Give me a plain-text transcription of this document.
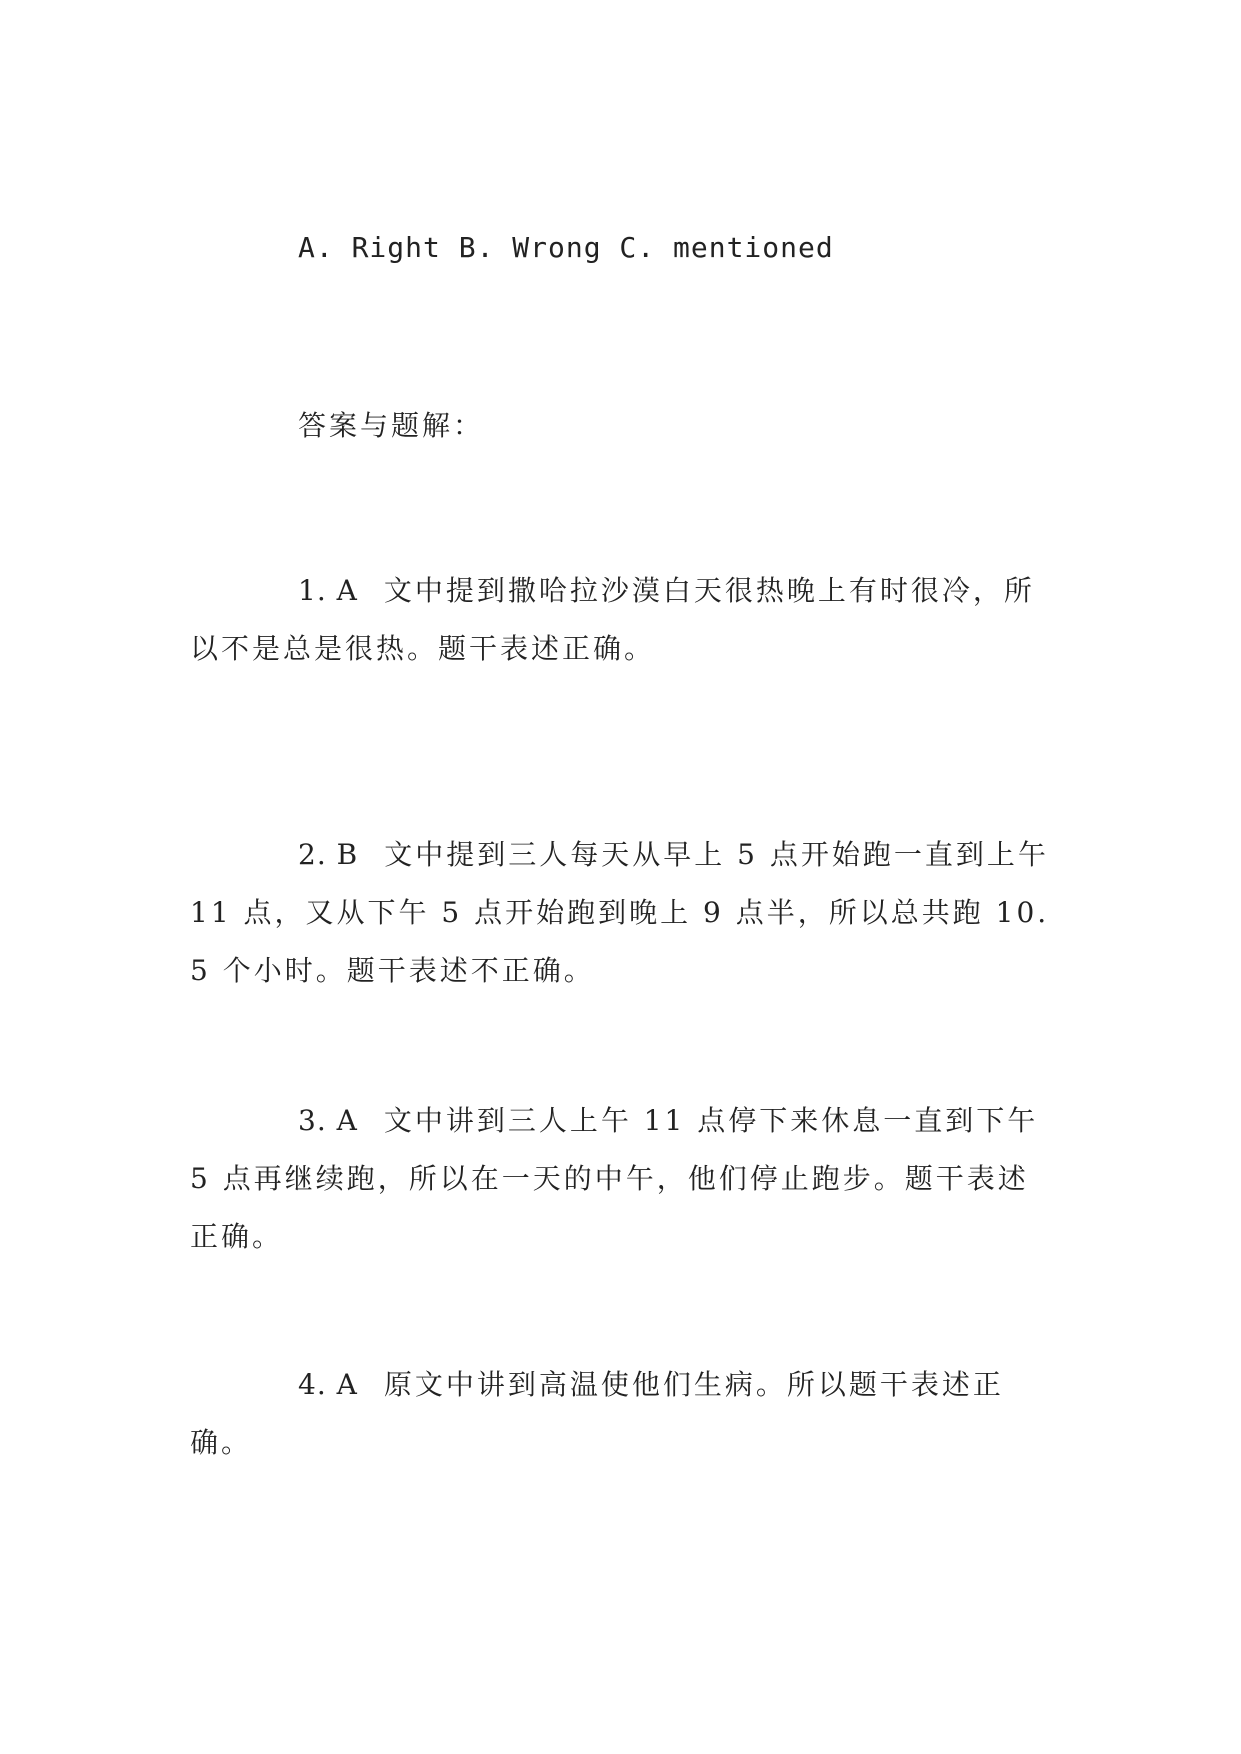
A. Right B. Wrong C. mentioned

答案与题解：

1. A 文中提到撒哈拉沙漠白天很热晚上有时很冷，所以不是总是很热。题干表述正确。

2. B 文中提到三人每天从早上 5 点开始跑一直到上午 11 点，又从下午 5 点开始跑到晚上 9 点半，所以总共跑 10.5 个小时。题干表述不正确。

3. A 文中讲到三人上午 11 点停下来休息一直到下午 5 点再继续跑，所以在一天的中午，他们停止跑步。题干表述正确。

4. A 原文中讲到高温使他们生病。所以题干表述正确。
